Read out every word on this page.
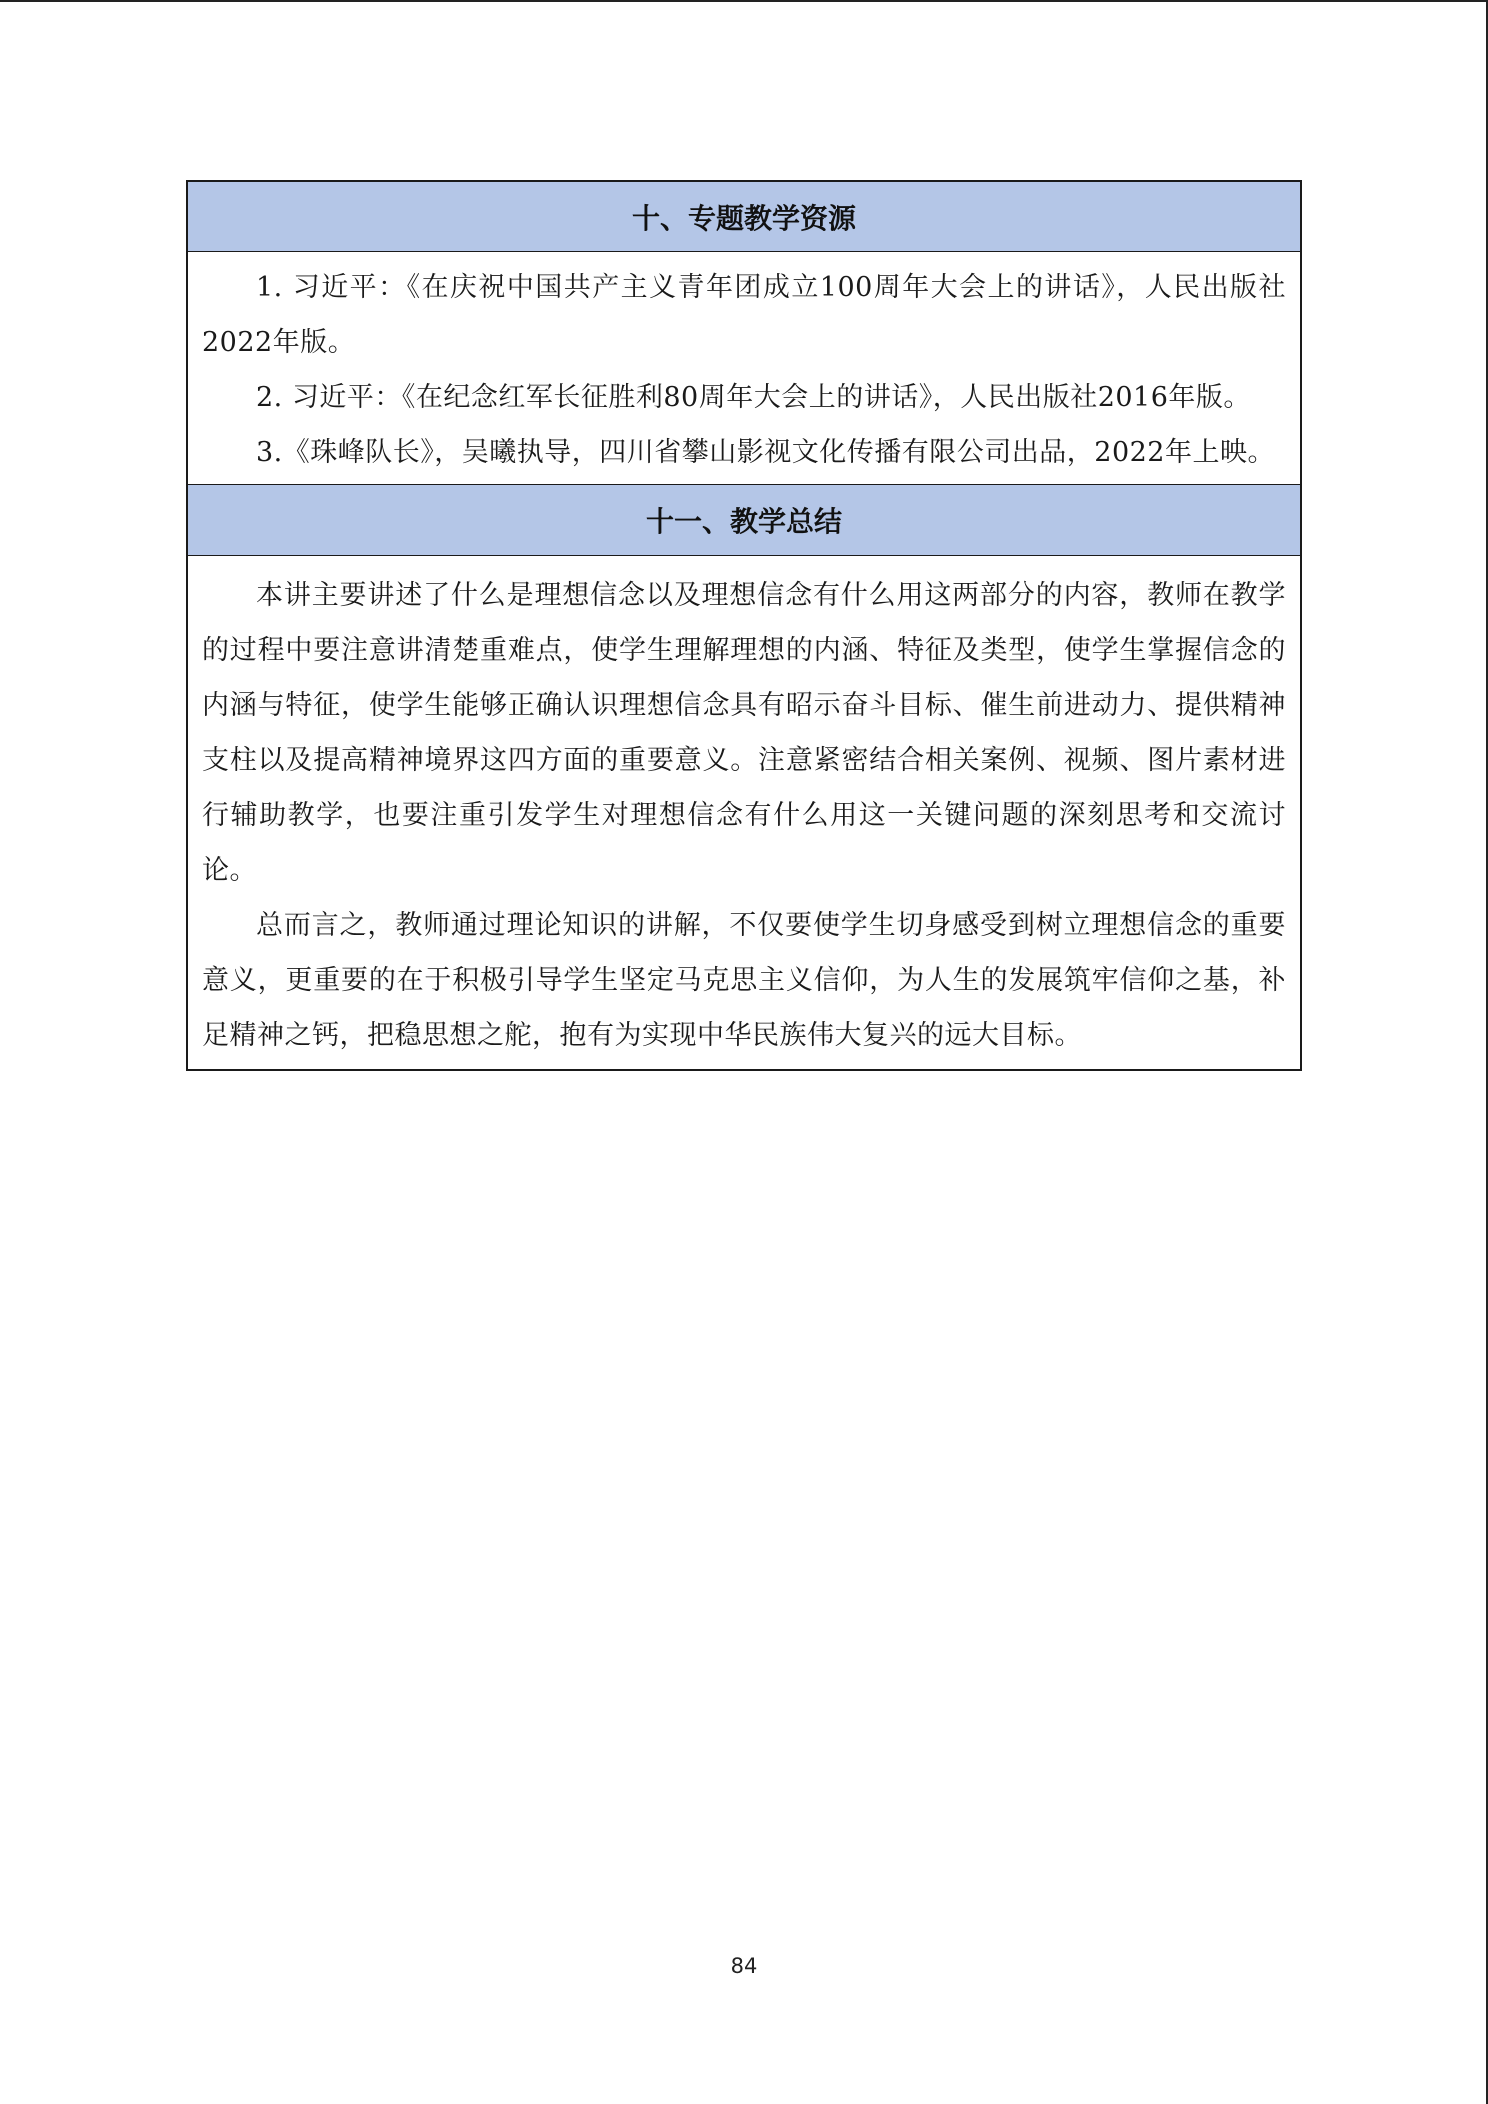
十、专题教学资源

1. 习近平：《在庆祝中国共产主义青年团成立100周年大会上的讲话》，人民出版社2022年版。

2. 习近平：《在纪念红军长征胜利80周年大会上的讲话》，人民出版社2016年版。

3.《珠峰队长》，吴曦执导，四川省攀山影视文化传播有限公司出品，2022年上映。

十一、教学总结

本讲主要讲述了什么是理想信念以及理想信念有什么用这两部分的内容，教师在教学的过程中要注意讲清楚重难点，使学生理解理想的内涵、特征及类型，使学生掌握信念的内涵与特征，使学生能够正确认识理想信念具有昭示奋斗目标、催生前进动力、提供精神支柱以及提高精神境界这四方面的重要意义。注意紧密结合相关案例、视频、图片素材进行辅助教学，也要注重引发学生对理想信念有什么用这一关键问题的深刻思考和交流讨论。

总而言之，教师通过理论知识的讲解，不仅要使学生切身感受到树立理想信念的重要意义，更重要的在于积极引导学生坚定马克思主义信仰，为人生的发展筑牢信仰之基，补足精神之钙，把稳思想之舵，抱有为实现中华民族伟大复兴的远大目标。

84
